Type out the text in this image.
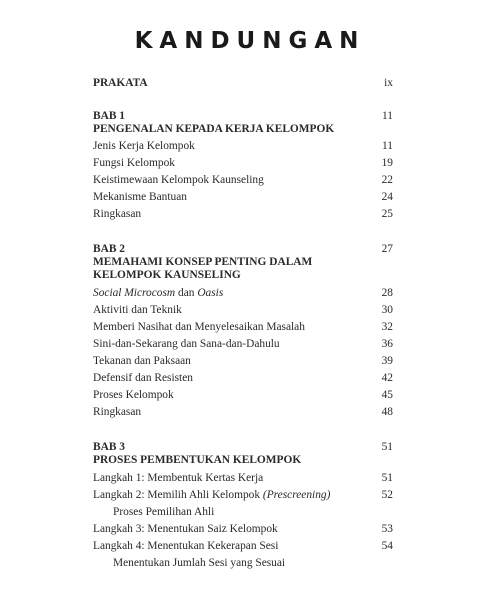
KANDUNGAN
PRAKATA	ix
BAB 1	11
PENGENALAN KEPADA KERJA KELOMPOK
Jenis Kerja Kelompok	11
Fungsi Kelompok	19
Keistimewaan Kelompok Kaunseling	22
Mekanisme Bantuan	24
Ringkasan	25
BAB 2	27
MEMAHAMI KONSEP PENTING DALAM
KELOMPOK KAUNSELING
Social Microcosm dan Oasis	28
Aktiviti dan Teknik	30
Memberi Nasihat dan Menyelesaikan Masalah	32
Sini-dan-Sekarang dan Sana-dan-Dahulu	36
Tekanan dan Paksaan	39
Defensif dan Resisten	42
Proses Kelompok	45
Ringkasan	48
BAB 3	51
PROSES PEMBENTUKAN KELOMPOK
Langkah 1: Membentuk Kertas Kerja	51
Langkah 2: Memilih Ahli Kelompok (Prescreening)	52
Proses Pemilihan Ahli
Langkah 3: Menentukan Saiz Kelompok	53
Langkah 4: Menentukan Kekerapan Sesi	54
Menentukan Jumlah Sesi yang Sesuai
